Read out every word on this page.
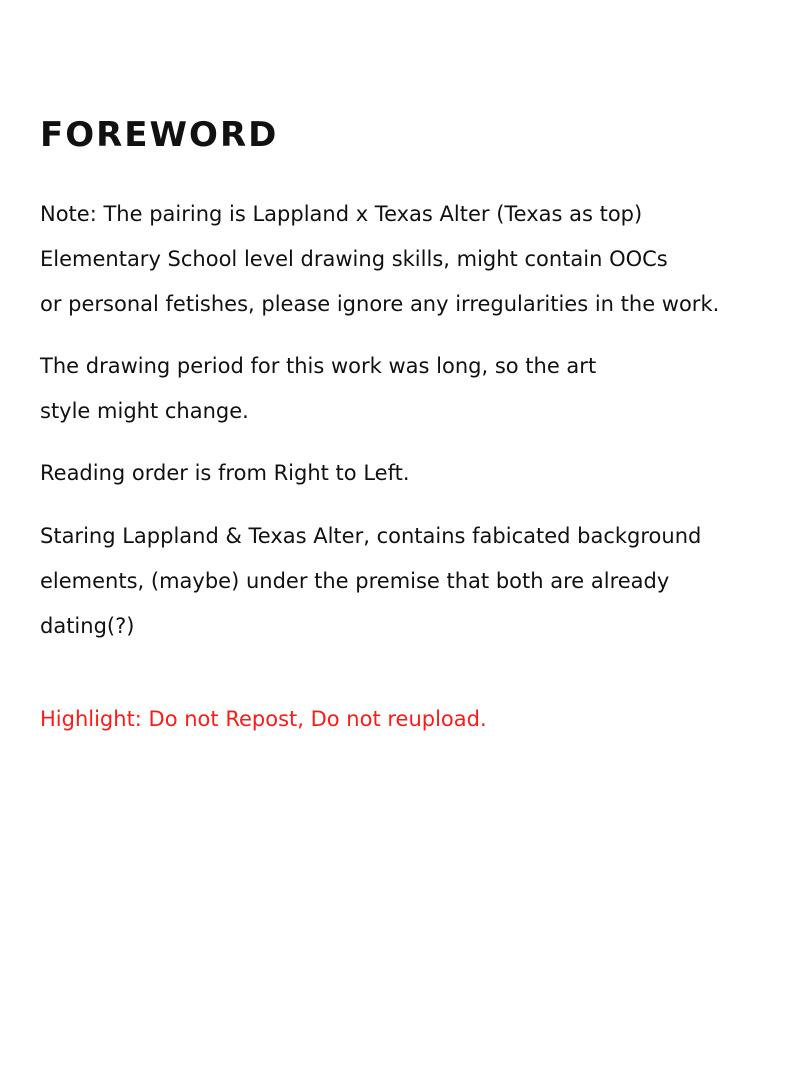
FOREWORD

Note: The pairing is Lappland x Texas Alter (Texas as top)
Elementary School level drawing skills, might contain OOCs
or personal fetishes, please ignore any irregularities in the work.

The drawing period for this work was long, so the art
style might change.

Reading order is from Right to Left.

Staring Lappland & Texas Alter, contains fabicated background
elements, (maybe) under the premise that both are already
dating(?)

Highlight: Do not Repost, Do not reupload.
